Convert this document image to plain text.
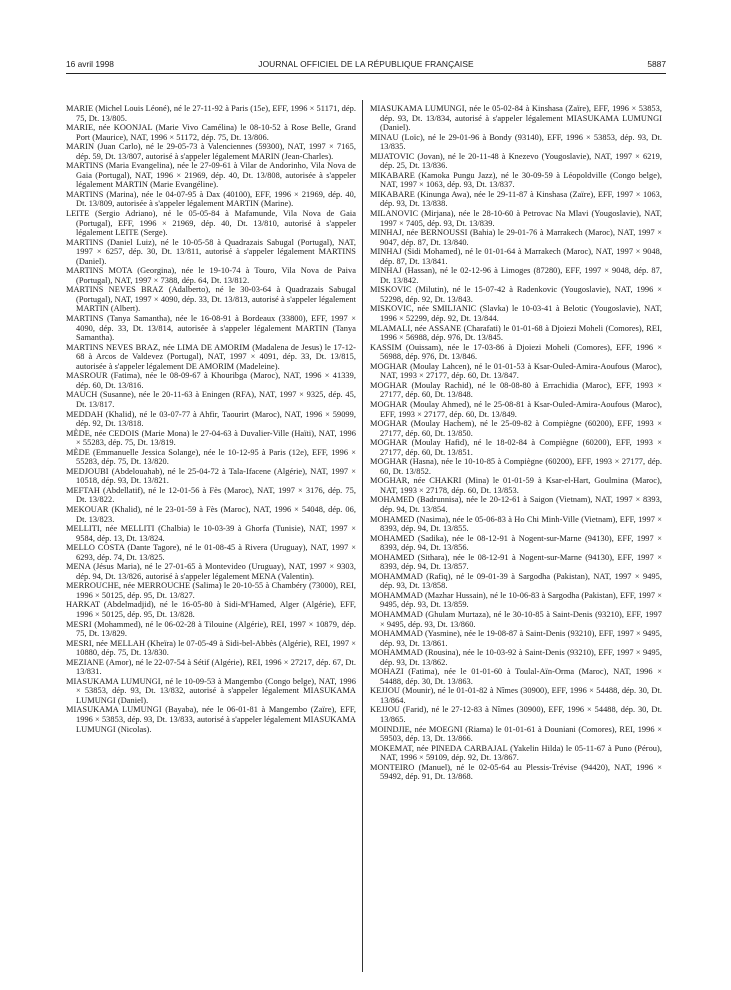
16 avril 1998	JOURNAL OFFICIEL DE LA RÉPUBLIQUE FRANÇAISE	5887

MARIE (Michel Louis Léoné), né le 27-11-92 à Paris (15e), EFF, 1996 × 51171, dép. 75, Dt. 13/805.

MARIE, née KOONJAL (Marie Vivo Camélina) le 08-10-52 à Rose Belle, Grand Port (Maurice), NAT, 1996 × 51172, dép. 75, Dt. 13/806.

MARIN (Juan Carlo), né le 29-05-73 à Valenciennes (59300), NAT, 1997 × 7165, dép. 59, Dt. 13/807, autorisé à s'appeler légalement MARIN (Jean-Charles).

MARTINS (Maria Evangelina), née le 27-09-61 à Vilar de Andorinho, Vila Nova de Gaia (Portugal), NAT, 1996 × 21969, dép. 40, Dt. 13/808, autorisée à s'appeler légalement MARTIN (Marie Evangéline).

MARTINS (Marina), née le 04-07-95 à Dax (40100), EFF, 1996 × 21969, dép. 40, Dt. 13/809, autorisée à s'appeler légalement MARTIN (Marine).

LEITE (Sergio Adriano), né le 05-05-84 à Mafamunde, Vila Nova de Gaia (Portugal), EFF, 1996 × 21969, dép. 40, Dt. 13/810, autorisé à s'appeler légalement LEITE (Serge).

MARTINS (Daniel Luiz), né le 10-05-58 à Quadrazais Sabugal (Portugal), NAT, 1997 × 6257, dép. 30, Dt. 13/811, autorisé à s'appeler légalement MARTINS (Daniel).

MARTINS MOTA (Georgina), née le 19-10-74 à Touro, Vila Nova de Paiva (Portugal), NAT, 1997 × 7388, dép. 64, Dt. 13/812.

MARTINS NEVES BRAZ (Adalberto), né le 30-03-64 à Quadrazais Sabugal (Portugal), NAT, 1997 × 4090, dép. 33, Dt. 13/813, autorisé à s'appeler légalement MARTIN (Albert).

MARTINS (Tanya Samantha), née le 16-08-91 à Bordeaux (33800), EFF, 1997 × 4090, dép. 33, Dt. 13/814, autorisée à s'appeler légalement MARTIN (Tanya Samantha).

MARTINS NEVES BRAZ, née LIMA DE AMORIM (Madalena de Jesus) le 17-12-68 à Arcos de Valdevez (Portugal), NAT, 1997 × 4091, dép. 33, Dt. 13/815, autorisée à s'appeler légalement DE AMORIM (Madeleine).

MASROUR (Fatima), née le 08-09-67 à Khouribga (Maroc), NAT, 1996 × 41339, dép. 60, Dt. 13/816.

MAUCH (Susanne), née le 20-11-63 à Eningen (RFA), NAT, 1997 × 9325, dép. 45, Dt. 13/817.

MEDDAH (Khalid), né le 03-07-77 à Ahfir, Taourirt (Maroc), NAT, 1996 × 59099, dép. 92, Dt. 13/818.

MÈDE, née CEDOIS (Marie Mona) le 27-04-63 à Duvalier-Ville (Haïti), NAT, 1996 × 55283, dép. 75, Dt. 13/819.

MÈDE (Emmanuelle Jessica Solange), née le 10-12-95 à Paris (12e), EFF, 1996 × 55283, dép. 75, Dt. 13/820.

MEDJOUBI (Abdelouahab), né le 25-04-72 à Tala-Ifacene (Algérie), NAT, 1997 × 10518, dép. 93, Dt. 13/821.

MEFTAH (Abdellatif), né le 12-01-56 à Fès (Maroc), NAT, 1997 × 3176, dép. 75, Dt. 13/822.

MEKOUAR (Khalid), né le 23-01-59 à Fès (Maroc), NAT, 1996 × 54048, dép. 06, Dt. 13/823.

MELLITI, née MELLITI (Chalbia) le 10-03-39 à Ghorfa (Tunisie), NAT, 1997 × 9584, dép. 13, Dt. 13/824.

MELLO COSTA (Dante Tagore), né le 01-08-45 à Rivera (Uruguay), NAT, 1997 × 6293, dép. 74, Dt. 13/825.

MENA (Jésus Maria), né le 27-01-65 à Montevideo (Uruguay), NAT, 1997 × 9303, dép. 94, Dt. 13/826, autorisé à s'appeler légalement MENA (Valentin).

MERROUCHE, née MERROUCHE (Salima) le 20-10-55 à Chambéry (73000), REI, 1996 × 50125, dép. 95, Dt. 13/827.

HARKAT (Abdelmadjid), né le 16-05-80 à Sidi-M'Hamed, Alger (Algérie), EFF, 1996 × 50125, dép. 95, Dt. 13/828.

MESRI (Mohammed), né le 06-02-28 à Tilouine (Algérie), REI, 1997 × 10879, dép. 75, Dt. 13/829.

MESRI, née MELLAH (Kheïra) le 07-05-49 à Sidi-bel-Abbès (Algérie), REI, 1997 × 10880, dép. 75, Dt. 13/830.

MEZIANE (Amor), né le 22-07-54 à Sétif (Algérie), REI, 1996 × 27217, dép. 67, Dt. 13/831.

MIASUKAMA LUMUNGI, né le 10-09-53 à Mangembo (Congo belge), NAT, 1996 × 53853, dép. 93, Dt. 13/832, autorisé à s'appeler légalement MIASUKAMA LUMUNGI (Daniel).

MIASUKAMA LUMUNGI (Bayaba), née le 06-01-81 à Mangembo (Zaïre), EFF, 1996 × 53853, dép. 93, Dt. 13/833, autorisé à s'appeler légalement MIASUKAMA LUMUNGI (Nicolas).

MIASUKAMA LUMUNGI, née le 05-02-84 à Kinshasa (Zaïre), EFF, 1996 × 53853, dép. 93, Dt. 13/834, autorisé à s'appeler légalement MIASUKAMA LUMUNGI (Daniel).

MINAU (Loïc), né le 29-01-96 à Bondy (93140), EFF, 1996 × 53853, dép. 93, Dt. 13/835.

MIJATOVIC (Jovan), né le 20-11-48 à Knezevo (Yougoslavie), NAT, 1997 × 6219, dép. 25, Dt. 13/836.

MIKABARE (Kamoka Pungu Jazz), né le 30-09-59 à Léopoldville (Congo belge), NAT, 1997 × 1063, dép. 93, Dt. 13/837.

MIKABARE (Kinunga Awa), née le 29-11-87 à Kinshasa (Zaïre), EFF, 1997 × 1063, dép. 93, Dt. 13/838.

MILANOVIC (Mirjana), née le 28-10-60 à Petrovac Na Mlavi (Yougoslavie), NAT, 1997 × 7405, dép. 93, Dt. 13/839.

MINHAJ, née BERNOUSSI (Bahia) le 29-01-76 à Marrakech (Maroc), NAT, 1997 × 9047, dép. 87, Dt. 13/840.

MINHAJ (Sidi Mohamed), né le 01-01-64 à Marrakech (Maroc), NAT, 1997 × 9048, dép. 87, Dt. 13/841.

MINHAJ (Hassan), né le 02-12-96 à Limoges (87280), EFF, 1997 × 9048, dép. 87, Dt. 13/842.

MISKOVIC (Milutin), né le 15-07-42 à Radenkovic (Yougoslavie), NAT, 1996 × 52298, dép. 92, Dt. 13/843.

MISKOVIC, née SMILJANIC (Slavka) le 10-03-41 à Belotic (Yougoslavie), NAT, 1996 × 52299, dép. 92, Dt. 13/844.

MLAMALI, née ASSANE (Charafati) le 01-01-68 à Djoiezi Moheli (Comores), REI, 1996 × 56988, dép. 976, Dt. 13/845.

KASSIM (Ouissam), née le 17-03-86 à Djoiezi Moheli (Comores), EFF, 1996 × 56988, dép. 976, Dt. 13/846.

MOGHAR (Moulay Lahcen), né le 01-01-53 à Ksar-Ouled-Amira-Aoufous (Maroc), NAT, 1993 × 27177, dép. 60, Dt. 13/847.

MOGHAR (Moulay Rachid), né le 08-08-80 à Errachidia (Maroc), EFF, 1993 × 27177, dép. 60, Dt. 13/848.

MOGHAR (Moulay Ahmed), né le 25-08-81 à Ksar-Ouled-Amira-Aoufous (Maroc), EFF, 1993 × 27177, dép. 60, Dt. 13/849.

MOGHAR (Moulay Hachem), né le 25-09-82 à Compiègne (60200), EFF, 1993 × 27177, dép. 60, Dt. 13/850.

MOGHAR (Moulay Hafid), né le 18-02-84 à Compiègne (60200), EFF, 1993 × 27177, dép. 60, Dt. 13/851.

MOGHAR (Hasna), née le 10-10-85 à Compiègne (60200), EFF, 1993 × 27177, dép. 60, Dt. 13/852.

MOGHAR, née CHAKRI (Mina) le 01-01-59 à Ksar-el-Hart, Goulmina (Maroc), NAT, 1993 × 27178, dép. 60, Dt. 13/853.

MOHAMED (Badrunnisa), née le 20-12-61 à Saigon (Vietnam), NAT, 1997 × 8393, dép. 94, Dt. 13/854.

MOHAMED (Nasima), née le 05-06-83 à Ho Chi Minh-Ville (Vietnam), EFF, 1997 × 8393, dép. 94, Dt. 13/855.

MOHAMED (Sadika), née le 08-12-91 à Nogent-sur-Marne (94130), EFF, 1997 × 8393, dép. 94, Dt. 13/856.

MOHAMED (Sithara), née le 08-12-91 à Nogent-sur-Marne (94130), EFF, 1997 × 8393, dép. 94, Dt. 13/857.

MOHAMMAD (Rafiq), né le 09-01-39 à Sargodha (Pakistan), NAT, 1997 × 9495, dép. 93, Dt. 13/858.

MOHAMMAD (Mazhar Hussain), né le 10-06-83 à Sargodha (Pakistan), EFF, 1997 × 9495, dép. 93, Dt. 13/859.

MOHAMMAD (Ghulam Murtaza), né le 30-10-85 à Saint-Denis (93210), EFF, 1997 × 9495, dép. 93, Dt. 13/860.

MOHAMMAD (Yasmine), née le 19-08-87 à Saint-Denis (93210), EFF, 1997 × 9495, dép. 93, Dt. 13/861.

MOHAMMAD (Rousina), née le 10-03-92 à Saint-Denis (93210), EFF, 1997 × 9495, dép. 93, Dt. 13/862.

MOHAZI (Fatima), née le 01-01-60 à Toulal-Aïn-Orma (Maroc), NAT, 1996 × 54488, dép. 30, Dt. 13/863.

KEJJOU (Mounir), né le 01-01-82 à Nîmes (30900), EFF, 1996 × 54488, dép. 30, Dt. 13/864.

KEJJOU (Farid), né le 27-12-83 à Nîmes (30900), EFF, 1996 × 54488, dép. 30, Dt. 13/865.

MOINDJIE, née MOEGNI (Riama) le 01-01-61 à Douniani (Comores), REI, 1996 × 59503, dép. 13, Dt. 13/866.

MOKEMAT, née PINEDA CARBAJAL (Yakelin Hilda) le 05-11-67 à Puno (Pérou), NAT, 1996 × 59109, dép. 92, Dt. 13/867.

MONTEIRO (Manuel), né le 02-05-64 au Plessis-Trévise (94420), NAT, 1996 × 59492, dép. 91, Dt. 13/868.
